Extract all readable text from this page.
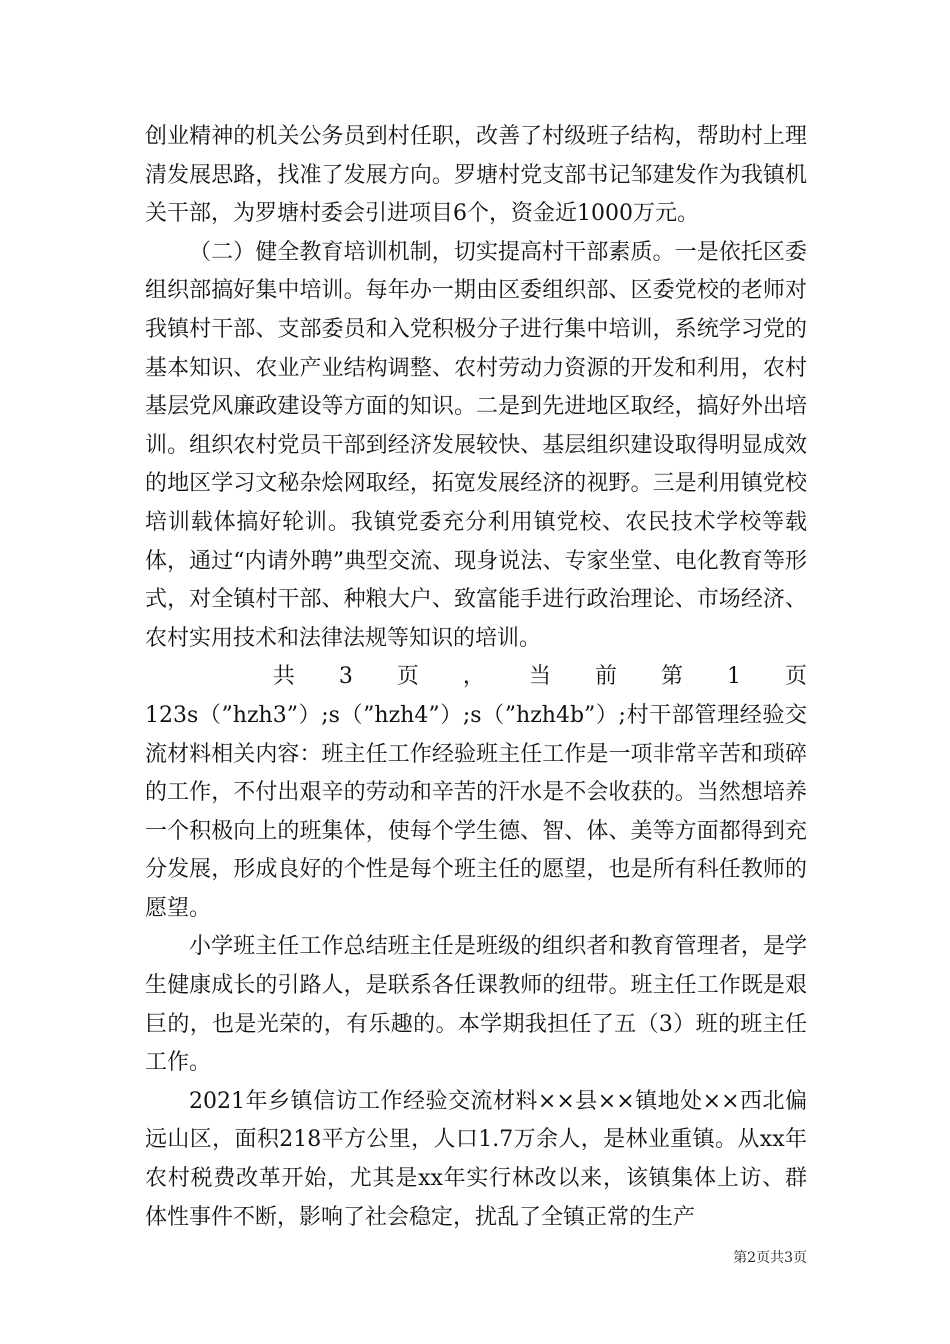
创业精神的机关公务员到村任职，改善了村级班子结构，帮助村上理清发展思路，找准了发展方向。罗塘村党支部书记邹建发作为我镇机关干部，为罗塘村委会引进项目6个，资金近1000万元。

（二）健全教育培训机制，切实提高村干部素质。一是依托区委组织部搞好集中培训。每年办一期由区委组织部、区委党校的老师对我镇村干部、支部委员和入党积极分子进行集中培训，系统学习党的基本知识、农业产业结构调整、农村劳动力资源的开发和利用，农村基层党风廉政建设等方面的知识。二是到先进地区取经，搞好外出培训。组织农村党员干部到经济发展较快、基层组织建设取得明显成效的地区学习文秘杂烩网取经，拓宽发展经济的视野。三是利用镇党校培训载体搞好轮训。我镇党委充分利用镇党校、农民技术学校等载体，通过“内请外聘”典型交流、现身说法、专家坐堂、电化教育等形式，对全镇村干部、种粮大户、致富能手进行政治理论、市场经济、农村实用技术和法律法规等知识的培训。

共 3 页 ， 当 前 第 1 页

123s（”hzh3”）;s（”hzh4”）;s（”hzh4b”）;村干部管理经验交流材料相关内容：班主任工作经验班主任工作是一项非常辛苦和琐碎的工作，不付出艰辛的劳动和辛苦的汗水是不会收获的。当然想培养一个积极向上的班集体，使每个学生德、智、体、美等方面都得到充分发展，形成良好的个性是每个班主任的愿望，也是所有科任教师的愿望。

小学班主任工作总结班主任是班级的组织者和教育管理者，是学生健康成长的引路人，是联系各任课教师的纽带。班主任工作既是艰巨的，也是光荣的，有乐趣的。本学期我担任了五（3）班的班主任工作。

2021年乡镇信访工作经验交流材料××县××镇地处××西北偏远山区，面积218平方公里，人口1.7万余人，是林业重镇。从xx年农村税费改革开始，尤其是xx年实行林改以来，该镇集体上访、群体性事件不断，影响了社会稳定，扰乱了全镇正常的生产

第2页共3页
